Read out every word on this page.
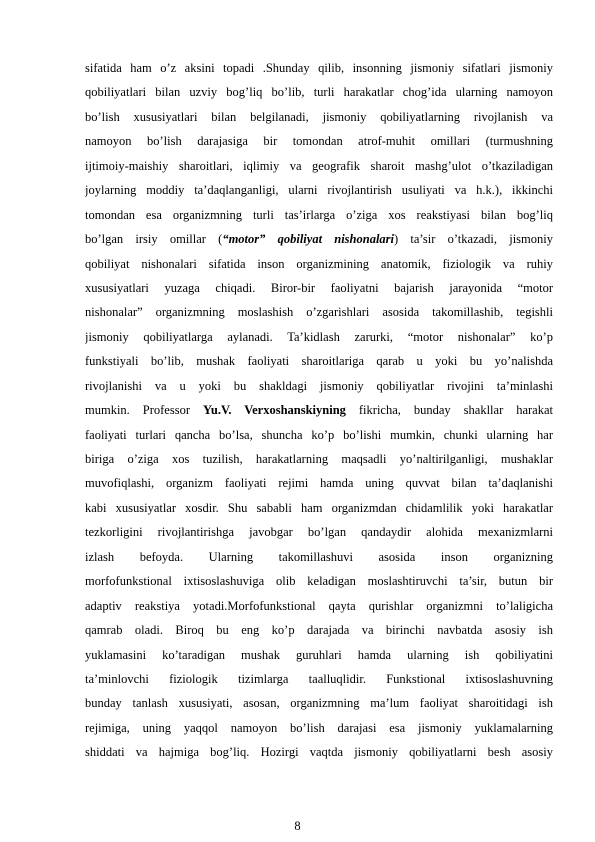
sifatida ham o’z aksini topadi .Shunday qilib, insonning jismoniy sifatlari jismoniy
qobiliyatlari bilan uzviy bog’liq bo’lib, turli harakatlar chog’ida ularning namoyon
bo’lish xususiyatlari bilan belgilanadi, jismoniy qobiliyatlarning rivojlanish va
namoyon bo’lish darajasiga bir tomondan atrof-muhit omillari (turmushning
ijtimoiy-maishiy sharoitlari, iqlimiy va geografik sharoit mashg’ulot o’tkaziladigan
joylarning moddiy ta’daqlanganligi, ularni rivojlantirish usuliyati va h.k.), ikkinchi
tomondan esa organizmning turli tas’irlarga o’ziga xos reakstiyasi bilan bog’liq
bo’lgan irsiy omillar (“motor” qobiliyat nishonalari) ta’sir o’tkazadi, jismoniy
qobiliyat nishonalari sifatida inson organizmining anatomik, fiziologik va ruhiy
xususiyatlari yuzaga chiqadi. Biror-bir faoliyatni bajarish jarayonida “motor
nishonalar” organizmning moslashish o’zgarishlari asosida takomillashib, tegishli
jismoniy qobiliyatlarga aylanadi. Ta’kidlash zarurki, “motor nishonalar” ko’p
funkstiyali bo’lib, mushak faoliyati sharoitlariga qarab u yoki bu yo’nalishda
rivojlanishi va u yoki bu shakldagi jismoniy qobiliyatlar rivojini ta’minlashi
mumkin. Professor Yu.V. Verxoshanskiyning fikricha, bunday shakllar harakat
faoliyati turlari qancha bo’lsa, shuncha ko’p bo’lishi mumkin, chunki ularning har
biriga o’ziga xos tuzilish, harakatlarning maqsadli yo’naltirilganligi, mushaklar
muvofiqlashi, organizm faoliyati rejimi hamda uning quvvat bilan ta’daqlanishi
kabi xususiyatlar xosdir. Shu sababli ham organizmdan chidamlilik yoki harakatlar
tezkorligini rivojlantirishga javobgar bo’lgan qandaydir alohida mexanizmlarni
izlash befoyda. Ularning takomillashuvi asosida inson organizning
morfofunkstional ixtisoslashuviga olib keladigan moslashtiruvchi ta’sir, butun bir
adaptiv reakstiya yotadi.Morfofunkstional qayta qurishlar organizmni to’laligicha
qamrab oladi. Biroq bu eng ko’p darajada va birinchi navbatda asosiy ish
yuklamasini ko’taradigan mushak guruhlari hamda ularning ish qobiliyatini
ta’minlovchi fiziologik tizimlarga taalluqlidir. Funkstional ixtisoslashuvning
bunday tanlash xususiyati, asosan, organizmning ma’lum faoliyat sharoitidagi ish
rejimiga, uning yaqqol namoyon bo’lish darajasi esa jismoniy yuklamalarning
shiddati va hajmiga bog’liq. Hozirgi vaqtda jismoniy qobiliyatlarni besh asosiy
8
